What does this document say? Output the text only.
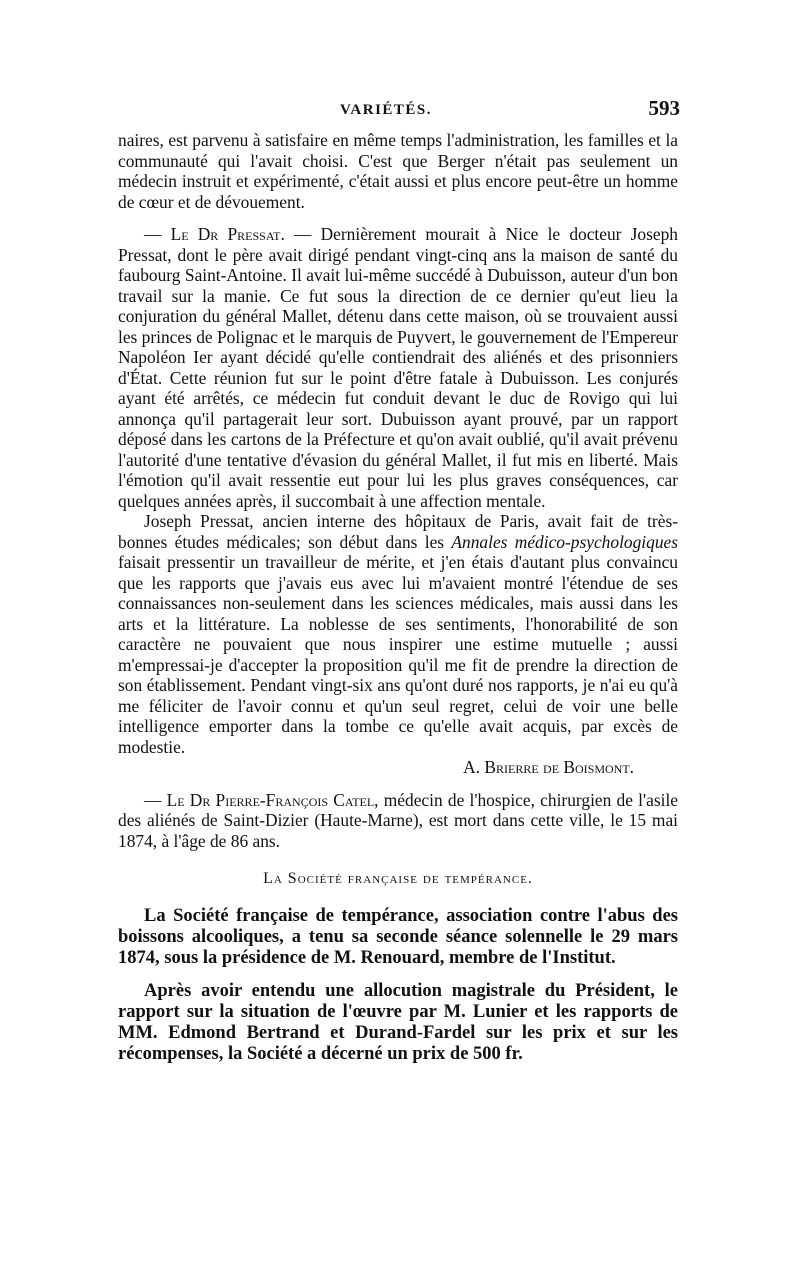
VARIÉTÉS.	593

naires, est parvenu à satisfaire en même temps l'administration, les familles et la communauté qui l'avait choisi. C'est que Berger n'était pas seulement un médecin instruit et expérimenté, c'était aussi et plus encore peut-être un homme de cœur et de dévouement.

— Le Dr Pressat. — Dernièrement mourait à Nice le docteur Joseph Pressat, dont le père avait dirigé pendant vingt-cinq ans la maison de santé du faubourg Saint-Antoine. Il avait lui-même succédé à Dubuisson, auteur d'un bon travail sur la manie. Ce fut sous la direction de ce dernier qu'eut lieu la conjuration du général Mallet, détenu dans cette maison, où se trouvaient aussi les princes de Polignac et le marquis de Puyvert, le gouvernement de l'Empereur Napoléon Ier ayant décidé qu'elle contiendrait des aliénés et des prisonniers d'État. Cette réunion fut sur le point d'être fatale à Dubuisson. Les conjurés ayant été arrêtés, ce médecin fut conduit devant le duc de Rovigo qui lui annonça qu'il partagerait leur sort. Dubuisson ayant prouvé, par un rapport déposé dans les cartons de la Préfecture et qu'on avait oublié, qu'il avait prévenu l'autorité d'une tentative d'évasion du général Mallet, il fut mis en liberté. Mais l'émotion qu'il avait ressentie eut pour lui les plus graves conséquences, car quelques années après, il succombait à une affection mentale.

Joseph Pressat, ancien interne des hôpitaux de Paris, avait fait de très-bonnes études médicales; son début dans les Annales médico-psychologiques faisait pressentir un travailleur de mérite, et j'en étais d'autant plus convaincu que les rapports que j'avais eus avec lui m'avaient montré l'étendue de ses connaissances non-seulement dans les sciences médicales, mais aussi dans les arts et la littérature. La noblesse de ses sentiments, l'honorabilité de son caractère ne pouvaient que nous inspirer une estime mutuelle ; aussi m'empressai-je d'accepter la proposition qu'il me fit de prendre la direction de son établissement. Pendant vingt-six ans qu'ont duré nos rapports, je n'ai eu qu'à me féliciter de l'avoir connu et qu'un seul regret, celui de voir une belle intelligence emporter dans la tombe ce qu'elle avait acquis, par excès de modestie.

A. Brierre de Boismont.

— Le Dr Pierre-François Catel, médecin de l'hospice, chirurgien de l'asile des aliénés de Saint-Dizier (Haute-Marne), est mort dans cette ville, le 15 mai 1874, à l'âge de 86 ans.

La Société française de tempérance.

La Société française de tempérance, association contre l'abus des boissons alcooliques, a tenu sa seconde séance solennelle le 29 mars 1874, sous la présidence de M. Renouard, membre de l'Institut.

Après avoir entendu une allocution magistrale du Président, le rapport sur la situation de l'œuvre par M. Lunier et les rapports de MM. Edmond Bertrand et Durand-Fardel sur les prix et sur les récompenses, la Société a décerné un prix de 500 fr.
